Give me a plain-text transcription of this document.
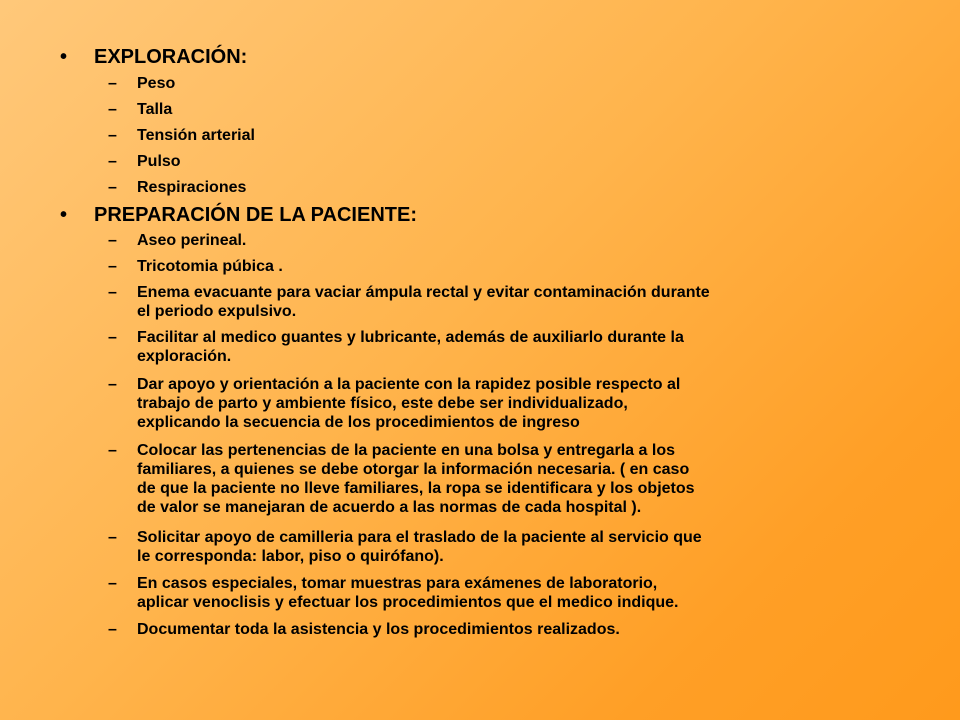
• EXPLORACIÓN:
– Peso
– Talla
– Tensión arterial
– Pulso
– Respiraciones
• PREPARACIÓN DE LA PACIENTE:
– Aseo perineal.
– Tricotomia púbica .
– Enema evacuante para vaciar ámpula rectal y evitar contaminación durante
el periodo expulsivo.
– Facilitar al medico guantes y lubricante, además de auxiliarlo durante la
exploración.
– Dar apoyo y orientación a la paciente con la rapidez posible respecto al
trabajo de parto y ambiente físico, este debe ser individualizado,
explicando la secuencia de los procedimientos de ingreso
– Colocar las pertenencias de la paciente en una bolsa y entregarla a los
familiares, a quienes se debe otorgar la información necesaria. ( en caso
de que la paciente no lleve familiares, la ropa se identificara y los objetos
de valor se manejaran de acuerdo a las normas de cada hospital ).
– Solicitar apoyo de camilleria para el traslado de la paciente al servicio que
le corresponda: labor, piso o quirófano).
– En casos especiales, tomar muestras para exámenes de laboratorio,
aplicar venoclisis y efectuar los procedimientos que el medico indique.
– Documentar toda la asistencia y los procedimientos realizados.
